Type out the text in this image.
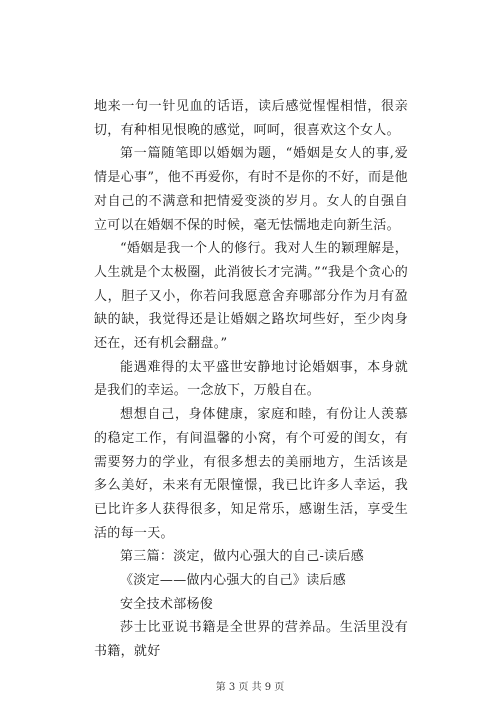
地来一句一针见血的话语，读后感觉惺惺相惜，很亲切，有种相见恨晚的感觉，呵呵，很喜欢这个女人。

第一篇随笔即以婚姻为题，“婚姻是女人的事,爱情是心事”，他不再爱你，有时不是你的不好，而是他对自己的不满意和把情爱变淡的岁月。女人的自强自立可以在婚姻不保的时候，毫无怯懦地走向新生活。

“婚姻是我一个人的修行。我对人生的颖理解是，人生就是个太极圈，此消彼长才完满。”“我是个贪心的人，胆子又小，你若问我愿意舍弃哪部分作为月有盈缺的缺，我觉得还是让婚姻之路坎坷些好，至少肉身还在，还有机会翻盘。”

能遇难得的太平盛世安静地讨论婚姻事，本身就是我们的幸运。一念放下，万般自在。

想想自己，身体健康，家庭和睦，有份让人羡慕的稳定工作，有间温馨的小窝，有个可爱的闺女，有需要努力的学业，有很多想去的美丽地方，生活该是多么美好，未来有无限憧憬，我已比许多人幸运，我已比许多人获得很多，知足常乐，感谢生活，享受生活的每一天。

第三篇：淡定，做内心强大的自己-读后感

《淡定——做内心强大的自己》读后感

安全技术部杨俊

莎士比亚说书籍是全世界的营养品。生活里没有书籍，就好

第 3 页 共 9 页
